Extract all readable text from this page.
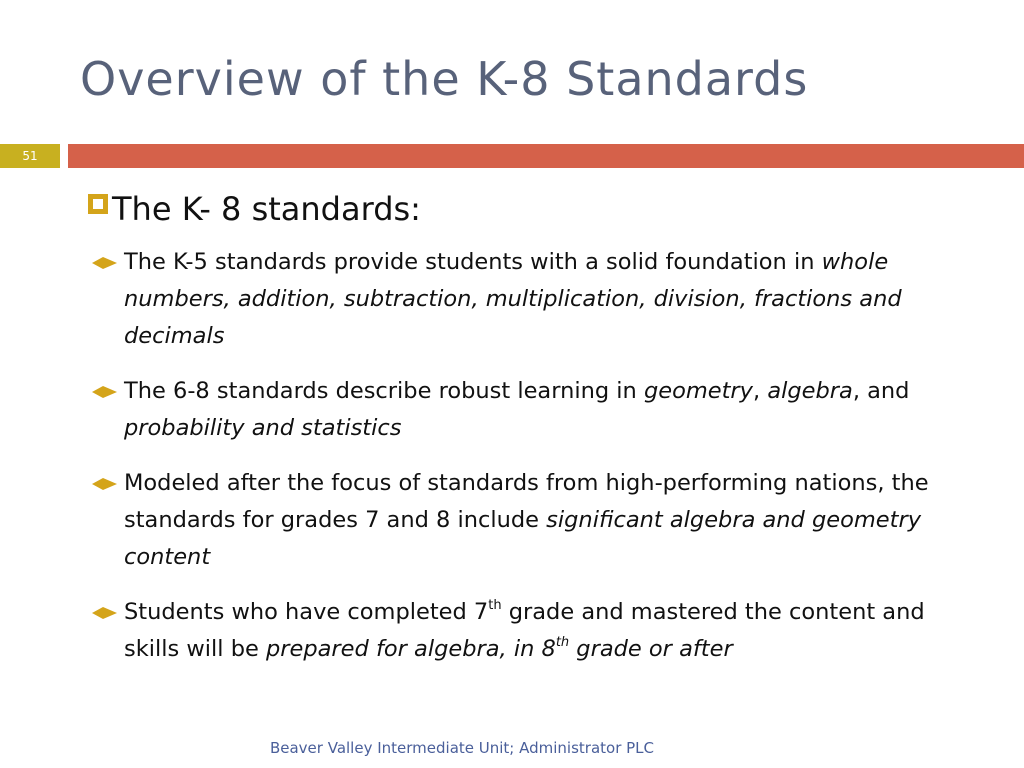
Overview of the K-8 Standards
51
The K- 8 standards:
The K-5 standards provide students with a solid foundation in whole numbers, addition, subtraction, multiplication, division, fractions and decimals
The 6-8 standards describe robust learning in geometry, algebra, and probability and statistics
Modeled after the focus of standards from high-performing nations, the standards for grades 7 and 8 include significant algebra and geometry content
Students who have completed 7th grade and mastered the content and skills will be prepared for algebra, in 8th grade or after
Beaver Valley Intermediate Unit; Administrator PLC
